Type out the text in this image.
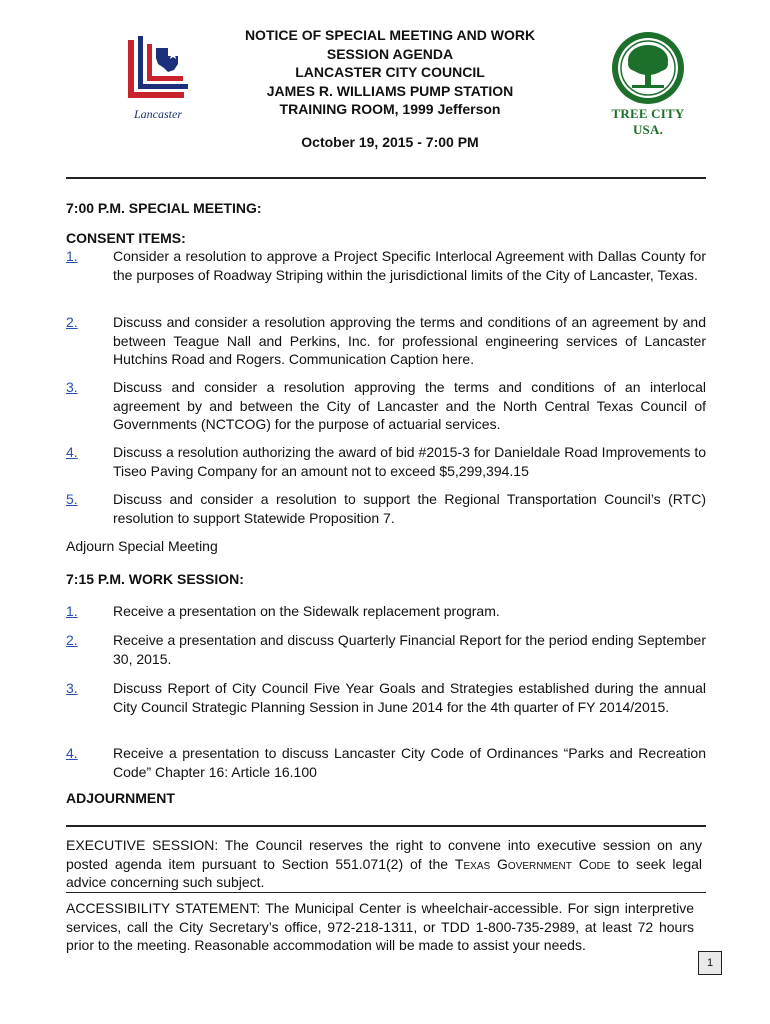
Lancaster
NOTICE OF SPECIAL MEETING AND WORK
SESSION AGENDA
LANCASTER CITY COUNCIL
JAMES R. WILLIAMS PUMP STATION
TRAINING ROOM, 1999 Jefferson
October 19, 2015 - 7:00 PM
TREE CITY USA.
7:00 P.M. SPECIAL MEETING:
CONSENT ITEMS:
1.	Consider a resolution to approve a Project Specific Interlocal Agreement with Dallas County for the purposes of Roadway Striping within the jurisdictional limits of the City of Lancaster, Texas.
2.	Discuss and consider a resolution approving the terms and conditions of an agreement by and between Teague Nall and Perkins, Inc. for professional engineering services of Lancaster Hutchins Road and Rogers. Communication Caption here.
3.	Discuss and consider a resolution approving the terms and conditions of an interlocal agreement by and between the City of Lancaster and the North Central Texas Council of Governments (NCTCOG) for the purpose of actuarial services.
4.	Discuss a resolution authorizing the award of bid #2015-3 for Danieldale Road Improvements to Tiseo Paving Company for an amount not to exceed $5,299,394.15
5.	Discuss and consider a resolution to support the Regional Transportation Council’s (RTC) resolution to support Statewide Proposition 7.
Adjourn Special Meeting
7:15 P.M. WORK SESSION:
1.	Receive a presentation on the Sidewalk replacement program.
2.	Receive a presentation and discuss Quarterly Financial Report for the period ending September 30, 2015.
3.	Discuss Report of City Council Five Year Goals and Strategies established during the annual City Council Strategic Planning Session in June 2014 for the 4th quarter of FY 2014/2015.
4.	Receive a presentation to discuss Lancaster City Code of Ordinances “Parks and Recreation Code” Chapter 16: Article 16.100
ADJOURNMENT
EXECUTIVE SESSION: The Council reserves the right to convene into executive session on any posted agenda item pursuant to Section 551.071(2) of the Texas Government Code to seek legal advice concerning such subject.
ACCESSIBILITY STATEMENT: The Municipal Center is wheelchair-accessible. For sign interpretive services, call the City Secretary’s office, 972-218-1311, or TDD 1-800-735-2989, at least 72 hours prior to the meeting. Reasonable accommodation will be made to assist your needs.
1
